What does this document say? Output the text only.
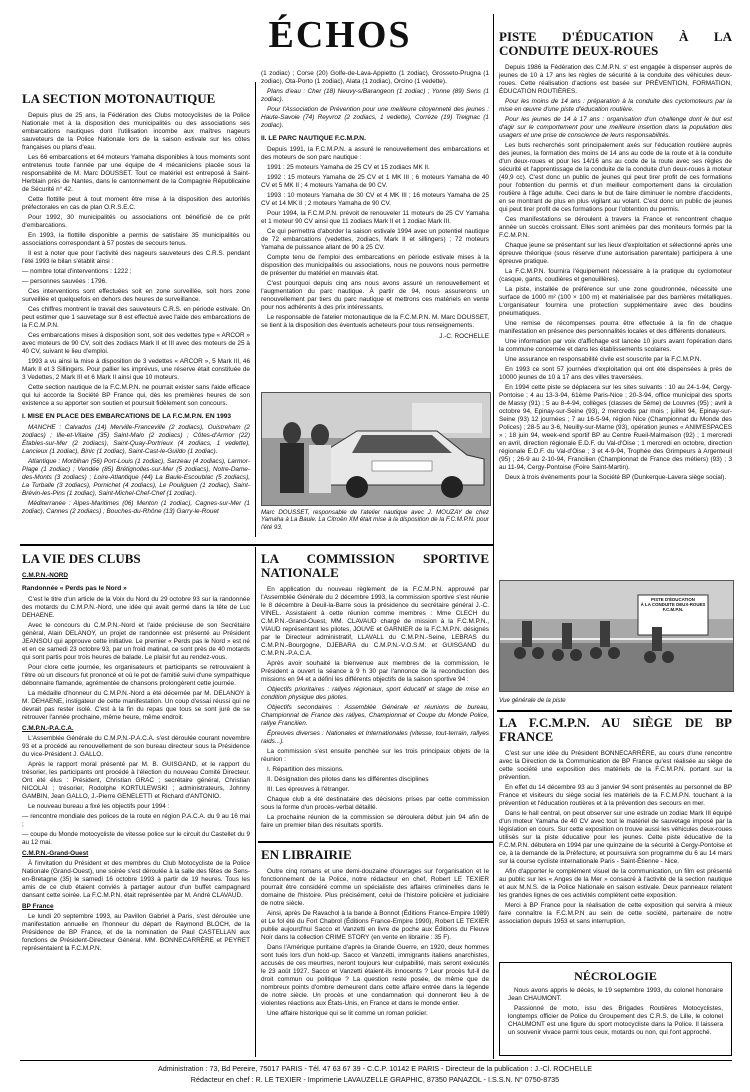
ÉCHOS
LA SECTION MOTONAUTIQUE

Depuis plus de 25 ans, la Fédération des Clubs motocyclistes de la Police Nationale met à la disposition des municipalités ou des associations ses embarcations nautiques dont l'utilisation incombe aux maîtres nageurs sauveteurs de la Police Nationale lors de la saison estivale sur les côtes françaises ou plans d'eau.

Les 66 embarcations et 64 moteurs Yamaha disponibles à tous moments sont entretenus toute l'année par une équipe de 4 mécaniciens placée sous la responsabilité de M. Marc DOUSSET. Tout ce matériel est entreposé à Saint-Herblain près de Nantes, dans le cantonnement de la Compagnie Républicaine de Sécurité n° 42.

Cette flottille peut à tout moment être mise à la disposition des autorités préfectorales en cas de plan O.R.S.E.C.

Pour 1992, 30 municipalités ou associations ont bénéficié de ce prêt d'embarcations.

En 1993, la flottille disponible a permis de satisfaire 35 municipalités ou associations correspondant à 57 postes de secours tenus.

Il est à noter que pour l'activité des nageurs sauveteurs des C.R.S. pendant l'été 1993 le bilan s'établit ainsi :

— nombre total d'interventions : 1222 ;

— personnes sauvées : 1796.

Ces interventions sont effectuées soit en zone surveillée, soit hors zone surveillée et quelquefois en dehors des heures de surveillance.

Ces chiffres montrent le travail des sauveteurs C.R.S. en période estivale. On peut estimer que 1 sauvetage sur 8 est effectué avec l'aide des embarcations de la F.C.M.P.N.

Ces embarcations mises à disposition sont, soit des vedettes type « ARCOR » avec moteurs de 90 CV, soit des zodiacs Mark II et III avec des moteurs de 25 à 40 CV, suivant le lieu d'emploi.

1993 a vu ainsi la mise à disposition de 3 vedettes « ARCOR », 5 Mark III, 46 Mark II et 3 Sillingers. Pour pallier les imprévus, une réserve était constituée de 3 Vedettes, 2 Mark III et 6 Mark II ainsi que 10 moteurs.

Cette section nautique de la F.C.M.P.N. ne pourrait exister sans l'aide efficace qui lui accorde la Société BP France qui, dès les premières heures de son existence a su apporter son soutien et poursuit fidèlement son concours.

I. MISE EN PLACE DES EMBARCATIONS DE LA F.C.M.P.N. EN 1993

MANCHE : Calvados (14) Merville-Franceville (2 zodiacs), Ouistreham (2 zodiacs) ; Ille-et-Vilaine (35) Saint-Malo (2 zodiacs) ; Côtes-d'Armor (22) Étables-sur-Mer (2 zodiacs), Saint-Quay-Portrieux (4 zodiacs, 1 vedette), Lancieux (1 zodiac), Binic (1 zodiac), Saint-Cast-le-Guildo (1 zodiac).

Atlantique : Morbihan (56) Port-Louis (1 zodiac), Sarzeau (4 zodiacs), Larmor-Plage (1 zodiac) ; Vendée (85) Brétignolles-sur-Mer (5 zodiacs), Notre-Dame-des-Monts (3 zodiacs) ; Loire-Atlantique (44) La Baule-Escoublac (5 zodiacs), La Turballe (3 zodiacs), Pornichet (4 zodiacs), Le Pouliguen (1 zodiac), Saint-Brévin-les-Pins (1 zodiac), Saint-Michel-Chef-Chef (1 zodiac).

Méditerranée : Alpes-Maritimes (06) Menton (1 zodiac), Cagnes-sur-Mer (1 zodiac), Cannes (2 zodiacs) ; Bouches-du-Rhône (13) Garry-le-Rouet

(1 zodiac) ; Corse (20) Golfe-de-Lava-Appietto (1 zodiac), Grosseto-Prugna (1 zodiac), Ota-Porto (1 zodiac), Alata (1 zodiac), Orcino (1 vedette).

Plans d'eau : Cher (18) Neuvy-s/Barangeon (1 zodiac) ; Yonne (89) Sens (1 zodiac).

Pour l'Association de Prévention pour une meilleure citoyenneté des jeunes : Haute-Savoie (74) Reyvroz (2 zodiacs, 1 vedette), Corrèze (19) Treignac (1 zodiac).

II. LE PARC NAUTIQUE F.C.M.P.N.

Depuis 1991, la F.C.M.P.N. a assuré le renouvellement des embarcations et des moteurs de son parc nautique :

1991 : 25 moteurs Yamaha de 25 CV et 15 zodiacs MK II.

1992 : 15 moteurs Yamaha de 25 CV et 1 MK III ; 6 moteurs Yamaha de 40 CV et 5 MK II ; 4 moteurs Yamaha de 90 CV.

1993 : 10 moteurs Yamaha de 30 CV et 4 MK III ; 16 moteurs Yamaha de 25 CV et 14 MK II ; 2 moteurs Yamaha de 90 CV.

Pour 1994, la F.C.M.P.N. prévoit de renouveler 11 moteurs de 25 CV Yamaha et 1 moteur 90 CV ainsi que 11 zodiacs Mark II et 1 zodiac Mark III.

Ce qui permettra d'aborder la saison estivale 1994 avec un potentiel nautique de 72 embarcations (vedettes, zodiacs, Mark II et sillingers) ; 72 moteurs Yamaha de puissance allant de 90 à 25 CV.

Compte tenu de l'emploi des embarcations en période estivale mises à la disposition des municipalités ou associations, nous ne pouvons nous permettre de présenter du matériel en mauvais état.

C'est pourquoi depuis cinq ans nous avons assuré un renouvellement et l'augmentation du parc nautique. À partir de 94, nous assurerons un renouvellement par tiers du parc nautique et mettrons ces matériels en vente pour nos adhérents à des prix intéressants.

Le responsable de l'atelier motonautique de la F.C.M.P.N. M. Marc DOUSSET, se tient à la disposition des éventuels acheteurs pour tous renseignements.

J.-C. ROCHELLE
Marc DOUSSET, responsable de l'atelier nautique avec J. MOUZAY de chez Yamaha à La Baule. La Citroën XM était mise à la disposition de la F.C.M.P.N. pour l'été 93.
PISTE D'ÉDUCATION À LA CONDUITE DEUX-ROUES

Depuis 1986 la Fédération des C.M.P.N. s' est engagée à dispenser auprès de jeunes de 10 à 17 ans les règles de sécurité à la conduite des véhicules deux-roues. Cette réalisation d'actions est basée sur PRÉVENTION, FORMATION, ÉDUCATION ROUTIÈRES.

Pour les moins de 14 ans : préparation à la conduite des cyclomoteurs par la mise en œuvre d'une piste d'éducation routière.

Pour les jeunes de 14 à 17 ans : organisation d'un challenge dont le but est d'agir sur le comportement pour une meilleure insertion dans la population des usagers et une prise de conscience de leurs responsabilités.

Les buts recherchés sont principalement axés sur l'éducation routière auprès des jeunes, la formation des moins de 14 ans au code de la route et à la conduite d'un deux-roues et pour les 14/16 ans au code de la route avec ses règles de sécurité et l'apprentissage de la conduite de la conduite d'un deux-roues à moteur (49,9 cc). C'est donc un public de jeunes qui peut tirer profit de ces formations pour l'obtention du permis et d'un meilleur comportement dans la circulation routière à l'âge adulte. Ceci dans le but de faire diminuer le nombre d'accidents, en se montrant de plus en plus vigilant au volant. C'est donc un public de jeunes qui peut tirer profit de ces formations pour l'obtention du permis.

Ces manifestations se déroulent à travers la France et rencontrent chaque année un succès croissant. Elles sont animées par des moniteurs formés par la F.C.M.P.N.

Chaque jeune se présentant sur les lieux d'exploitation et sélectionné après une épreuve théorique (sous réserve d'une autorisation parentale) participera à une épreuve pratique.

La F.C.M.P.N. fournira l'équipement nécessaire à la pratique du cyclomoteur (casque, gants, coudières et genouillères).

La piste, installée de préférence sur une zone goudronnée, nécessite une surface de 1000 m² (100 × 100 m) et matérialisée par des barrières métalliques. L'organisateur fournira une protection supplémentaire avec des boudins pneumatiques.

Une remise de récompenses pourra être effectuée à la fin de chaque manifestation en présence des personnalités locales et des différents donateurs.

Une information par voix d'affichage est lancée 10 jours avant l'opération dans la commune concernée et dans les établissements scolaires.

Une assurance en responsabilité civile est souscrite par la F.C.M.P.N.

En 1993 ce sont 57 journées d'exploitation qui ont été dispensées à près de 10000 jeunes de 10 à 17 ans des villes traversées.

En 1994 cette piste se déplacera sur les sites suivants : 10 au 24-1-94, Cergy-Pontoise ; 4 au 13-3-94, 61ème Paris-Nice ; 20-3-94, office municipal des sports de Massy (91) ; 5 au 8-4-94, collèges (classes de 5ème) de Louvres (95) ; avril à octobre 94, Epinay-sur-Seine (93), 2 mercredis par mois ; juillet 94, Epinay-sur-Seine (93) 12 journées ; 7 au 16-5-94, région Nice (Championnat du Monde des Polices) ; 28-5 au 3-6, Neuilly-sur-Marne (93), opération jeunes « ANIM'ESPACES » ; 18 juin 94, week-end sportif BP au Centre Rueil-Malmaison (92) ; 1 mercredi en avril, direction régionale E.D.F. du Val-d'Oise ; 1 mercredi en octobre, direction régionale E.D.F. du Val-d'Oise ; 3 et 4-9-94, Trophée des Grimpeurs à Argenteuil (95) ; 26-9 au 2-10-94, Francilien (Championnat de France des métiers) (93) ; 3 au 11-94, Cergy-Pontoise (Foire Saint-Martin).

Deux à trois événements pour la Société BP (Dunkerque-Lavera siège social).

PISTE D'ÉDUCATION
À LA CONDUITE DEUX-ROUES
F.C.M.P.N.
Vue générale de la piste
LA VIE DES CLUBS
C.M.P.N.-NORD
Randonnée « Perds pas le Nord »

C'est le titre d'un article de la Voix du Nord du 29 octobre 93 sur la randonnée des motards du C.M.P.N.-Nord, une idée qui avait germé dans la tête de Luc DEHAENE.

Avec le concours du C.M.P.N.-Nord et l'aide précieuse de son Secrétaire général, Alain DELANOY, un projet de randonnée est présenté au Président JEANSOU qui approuve cette initiative. Le premier « Perds pas le Nord » est né et en ce samedi 23 octobre 93, par un froid matinal, ce sont près de 40 motards qui sont partis pour trois heures de balade. Le plaisir fut au rendez-vous.

Pour clore cette journée, les organisateurs et participants se retrouvaient à l'être où un discours fut prononcé et où le pot de l'amitié suivi d'une sympathique débonnaire flamande, agrémentée de chansons prolongèrent cette journée.

La médaille d'honneur du C.M.P.N.-Nord a été décernée par M. DELANOY à M. DEHAENE, instigateur de cette manifestation. Un coup d'essai réussi qui ne devrait pas rester isolé. C'est à la fin du repas que tous se sont juré de se retrouver l'année prochaine, même heure, même endroit.

C.M.P.N.-P.A.C.A.

L'Assemblée Générale du C.M.P.N.-P.A.C.A. s'est déroulée courant novembre 93 et a procédé au renouvellement de son bureau directeur sous la Présidence du vice-Président J. GALLO.

Après le rapport moral présenté par M. B. GUISGAND, et le rapport du trésorier, les participants ont procédé à l'élection du nouveau Comité Directeur. Ont été élus : Président, Christian GRAC ; secrétaire général, Christian NICOLAI ; trésorier, Rodolphe KORTULEWSKI ; administrateurs, Johnny GAMBIN, Jean GALLO, J.-Pierre GENELETTI et Richard d'ANTONIO.

Le nouveau bureau a fixé les objectifs pour 1994 :

— rencontre mondiale des polices de la route en région P.A.C.A. du 9 au 16 mai ;

— coupe du Monde motocycliste de vitesse police sur le circuit du Castellet du 9 au 12 mai.

C.M.P.N.-Grand-Ouest

À l'invitation du Président et des membres du Club Motocycliste de la Police Nationale (Grand-Ouest), une soirée s'est déroulée à la salle des fêtes de Sens-en-Bretagne (35) le samedi 16 octobre 1993 à partir de 19 heures. Tous les amis de ce club étaient conviés à partager autour d'un buffet campagnard dansant cette soirée. La F.C.M.P.N. était représentée par M. André CLAVAUD.

BP France

Le lundi 20 septembre 1993, au Pavillon Gabriel à Paris, s'est déroulée une manifestation annuelle en l'honneur du départ de Raymond BLOCH, de la Présidence de BP France, et de la nomination de Paul CASTELLAN aux fonctions de Président-Directeur Général. MM. BONNECARRÈRE et PEYRET représentaient la F.C.M.P.N.

LA COMMISSION SPORTIVE NATIONALE

En application du nouveau règlement de la F.C.M.P.N. approuvé par l'Assemblée Générale du 2 décembre 1993, la commission sportive s'est réunie le 8 décembre à Deuil-la-Barre sous la présidence du secrétaire général J.-C. VINEL. Assistaient à cette réunion comme membres : Mme CLECH du C.M.P.N.-Grand-Ouest, MM. CLAVAUD chargé de mission à la F.C.M.P.N., VIAUD représentant les pilotes, JOUVE et GARNIER de la F.C.M.P.N. désignés par le Directeur administratif, LLAVALL du C.M.P.N.-Seine, LEBRAS du C.M.P.N.-Bourgogne, DJEBARA du C.M.P.N.-V.O.S.M. et GUISGAND du C.M.P.N.-P.A.C.A.

Après avoir souhaité la bienvenue aux membres de la commission, le Président a ouvert la séance à 9 h 30 par l'annonce de la reconduction des missions en 94 et a défini les différents objectifs de la saison sportive 94 :

Objectifs prioritaires : rallyes régionaux, sport éducatif et stage de mise en condition physique des pilotes.

Objectifs secondaires : Assemblée Générale et réunions de bureau, Championnat de France des rallyes, Championnat et Coupe du Monde Police, rallye Francilien.

Épreuves diverses : Nationales et Internationales (vitesse, tout-terrain, rallyes raids...).

La commission s'est ensuite penchée sur les trois principaux objets de la réunion :

I. Répartition des missions.

II. Désignation des pilotes dans les différentes disciplines

III. Les épreuves à l'étranger.

Chaque club a été destinataire des décisions prises par cette commission sous la forme d'un procès-verbal détaillé.

La prochaine réunion de la commission se déroulera début juin 94 afin de faire un premier bilan des résultats sportifs.

EN LIBRAIRIE

Outre cinq romans et une demi-douzaine d'ouvrages sur l'organisation et le fonctionnement de la Police, notre rédacteur en chef, Robert LE TEXIER pourrait être considéré comme un spécialiste des affaires criminelles dans le domaine de l'histoire. Plus précisément, celui de l'histoire policière et judiciaire de notre siècle.

Ainsi, après De Ravachol à la bande à Bonnot (Éditions France-Empire 1989) et Le fol été du Fort Chabrol (Éditions France-Empire 1990), Robert LE TEXIER publie aujourd'hui Sacco et Vanzetti en livre de poche aux Éditions du Fleuve Noir dans la collection CRIME STORY (en vente en librairie : 35 F).

Dans l'Amérique puritaine d'après la Grande Guerre, en 1920, deux hommes sont tués lors d'un hold-up. Sacco et Vanzetti, immigrants italiens anarchistes, accusés de ces meurtres, neront toujours leur culpabilité, mais seront exécutés le 23 août 1927. Sacco et Vanzetti étaient-ils innocents ? Leur procès fut-il de droit commun ou politique ? La question reste posée, de même que de nombreux points d'ombre demeurent dans cette affaire entrée dans la légende de notre siècle. Un procès et une condamnation qui donneront lieu à de violentes réactions aux États-Unis, en France et dans le monde entier.

Une affaire historique qui se lit comme un roman policier.

LA F.C.M.P.N. AU SIÈGE DE BP FRANCE

C'est sur une idée du Président BONNECARRÈRE, au cours d'une rencontre avec la Direction de la Communication de BP France qu'est réalisée au siège de cette société une exposition des matériels de la F.C.M.P.N. portant sur la prévention.

En effet du 14 décembre 93 au 3 janvier 94 sont présentés au personnel de BP France et visiteurs du siège social les matériels de la F.C.M.P.N. touchant à la prévention et l'éducation routières et à la prévention des secours en mer.

Dans le hall central, on peut observer sur une estrade un zodiac Mark III équipé d'un moteur Yamaha de 40 CV avec tout le matériel de sauvetage imposé par la législation en cours. Sur cette exposition on trouve aussi les véhicules deux-roues utilisés sur la piste éducative pour les jeunes. Cette piste éducative de la F.C.M.P.N. débutera en 1994 par une quinzaine de la sécurité à Cergy-Pontoise et ce, à la demande de la Préfecture, et poursuivra son programme du 6 au 14 mars sur la course cycliste internationale Paris - Saint-Étienne - Nice.

Afin d'apporter le complément visuel de la communication, un film est présenté au public sur les « Anges de la Mer » consacré à l'activité de la section nautique et aux M.N.S. de la Police Nationale en saison estivale. Deux panneaux relatent les grandes lignes de ces activités complètent cette exposition.

Merci à BP France pour la réalisation de cette exposition qui servira à mieux faire connaître la F.C.M.P.N au sein de cette société, partenaire de notre association depuis 1953 et sans interruption.

NÉCROLOGIE

Nous avons appris le décès, le 19 septembre 1993, du colonel honoraire Jean CHAUMONT.

Passionné de moto, issu des Brigades Routières Motocyclistes, longtemps officier de Police du Groupement des C.R.S. de Lille, le colonel CHAUMONT est une figure du sport motocycliste dans la Police. Il laissera un souvenir vivace parmi tous ceux, motards ou non, qui l'ont approché.

Administration : 73, Bd Pereire, 75017 PARIS - Tél. 47 63 67 39 - C.C.P. 10142 E PARIS - Directeur de la publication : J.-Cl. ROCHELLE
Rédacteur en chef : R. LE TEXIER - Imprimerie LAVAUZELLE GRAPHIC, 87350 PANAZOL - I.S.S.N. N° 0750-8735
